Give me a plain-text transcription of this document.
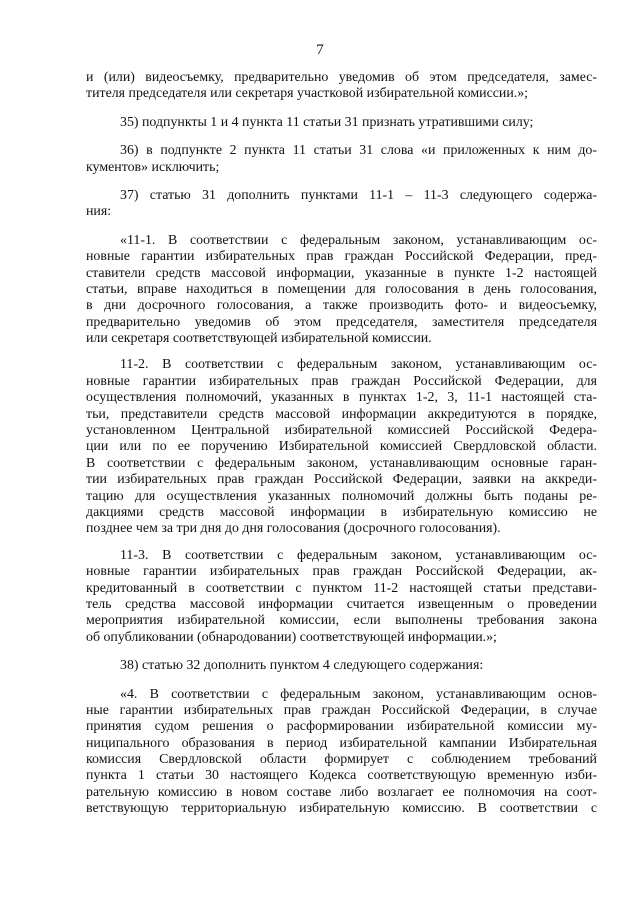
7
и (или) видеосъемку, предварительно уведомив об этом председателя, замес-
тителя председателя или секретаря участковой избирательной комиссии.»;
35) подпункты 1 и 4 пункта 11 статьи 31 признать утратившими силу;
36) в подпункте 2 пункта 11 статьи 31 слова «и приложенных к ним до-
кументов» исключить;
37) статью 31 дополнить пунктами 11-1 – 11-3 следующего содержа-
ния:
«11-1. В соответствии с федеральным законом, устанавливающим ос-
новные гарантии избирательных прав граждан Российской Федерации, пред-
ставители средств массовой информации, указанные в пункте 1-2 настоящей
статьи, вправе находиться в помещении для голосования в день голосования,
в дни досрочного голосования, а также производить фото- и видеосъемку,
предварительно уведомив об этом председателя, заместителя председателя
или секретаря соответствующей избирательной комиссии.
11-2. В соответствии с федеральным законом, устанавливающим ос-
новные гарантии избирательных прав граждан Российской Федерации, для
осуществления полномочий, указанных в пунктах 1-2, 3, 11-1 настоящей ста-
тьи, представители средств массовой информации аккредитуются в порядке,
установленном Центральной избирательной комиссией Российской Федера-
ции или по ее поручению Избирательной комиссией Свердловской области.
В соответствии с федеральным законом, устанавливающим основные гаран-
тии избирательных прав граждан Российской Федерации, заявки на аккреди-
тацию для осуществления указанных полномочий должны быть поданы ре-
дакциями средств массовой информации в избирательную комиссию не
позднее чем за три дня до дня голосования (досрочного голосования).
11-3. В соответствии с федеральным законом, устанавливающим ос-
новные гарантии избирательных прав граждан Российской Федерации, ак-
кредитованный в соответствии с пунктом 11-2 настоящей статьи представи-
тель средства массовой информации считается извещенным о проведении
мероприятия избирательной комиссии, если выполнены требования закона
об опубликовании (обнародовании) соответствующей информации.»;
38) статью 32 дополнить пунктом 4 следующего содержания:
«4. В соответствии с федеральным законом, устанавливающим основ-
ные гарантии избирательных прав граждан Российской Федерации, в случае
принятия судом решения о расформировании избирательной комиссии му-
ниципального образования в период избирательной кампании Избирательная
комиссия Свердловской области формирует с соблюдением требований
пункта 1 статьи 30 настоящего Кодекса соответствующую временную изби-
рательную комиссию в новом составе либо возлагает ее полномочия на соот-
ветствующую территориальную избирательную комиссию. В соответствии с
